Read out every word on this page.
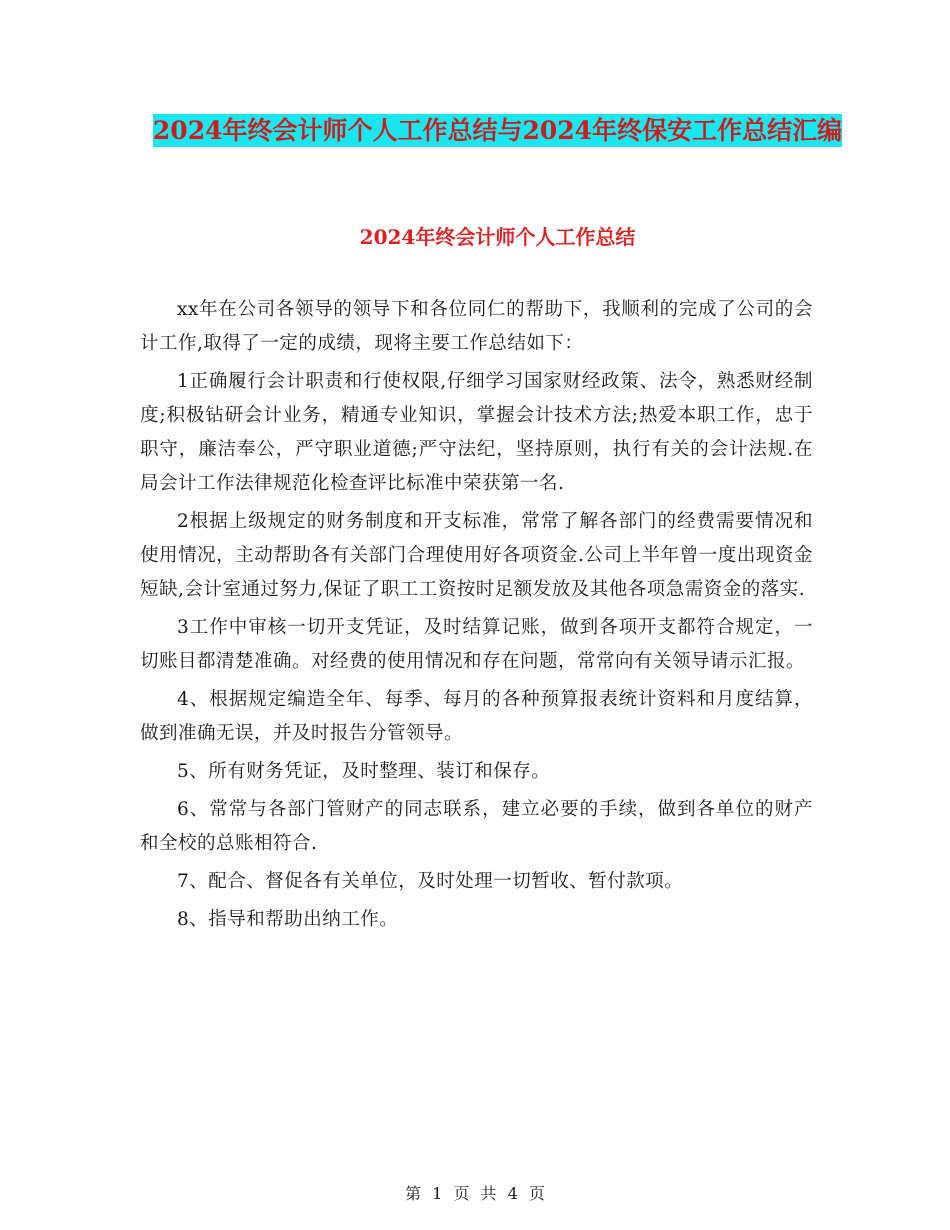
2024年终会计师个人工作总结与2024年终保安工作总结汇编
2024年终会计师个人工作总结

xx年在公司各领导的领导下和各位同仁的帮助下，我顺利的完成了公司的会计工作,取得了一定的成绩，现将主要工作总结如下：

1正确履行会计职责和行使权限,仔细学习国家财经政策、法令，熟悉财经制度;积极钻研会计业务，精通专业知识，掌握会计技术方法;热爱本职工作，忠于职守，廉洁奉公，严守职业道德;严守法纪，坚持原则，执行有关的会计法规.在局会计工作法律规范化检查评比标准中荣获第一名.

2根据上级规定的财务制度和开支标准，常常了解各部门的经费需要情况和使用情况，主动帮助各有关部门合理使用好各项资金.公司上半年曾一度出现资金短缺,会计室通过努力,保证了职工工资按时足额发放及其他各项急需资金的落实.

3工作中审核一切开支凭证，及时结算记账，做到各项开支都符合规定，一切账目都清楚准确。对经费的使用情况和存在问题，常常向有关领导请示汇报。

4、根据规定编造全年、每季、每月的各种预算报表统计资料和月度结算，做到准确无误，并及时报告分管领导。

5、所有财务凭证，及时整理、装订和保存。

6、常常与各部门管财产的同志联系，建立必要的手续，做到各单位的财产和全校的总账相符合.

7、配合、督促各有关单位，及时处理一切暂收、暂付款项。

8、指导和帮助出纳工作。

第 1 页 共 4 页
